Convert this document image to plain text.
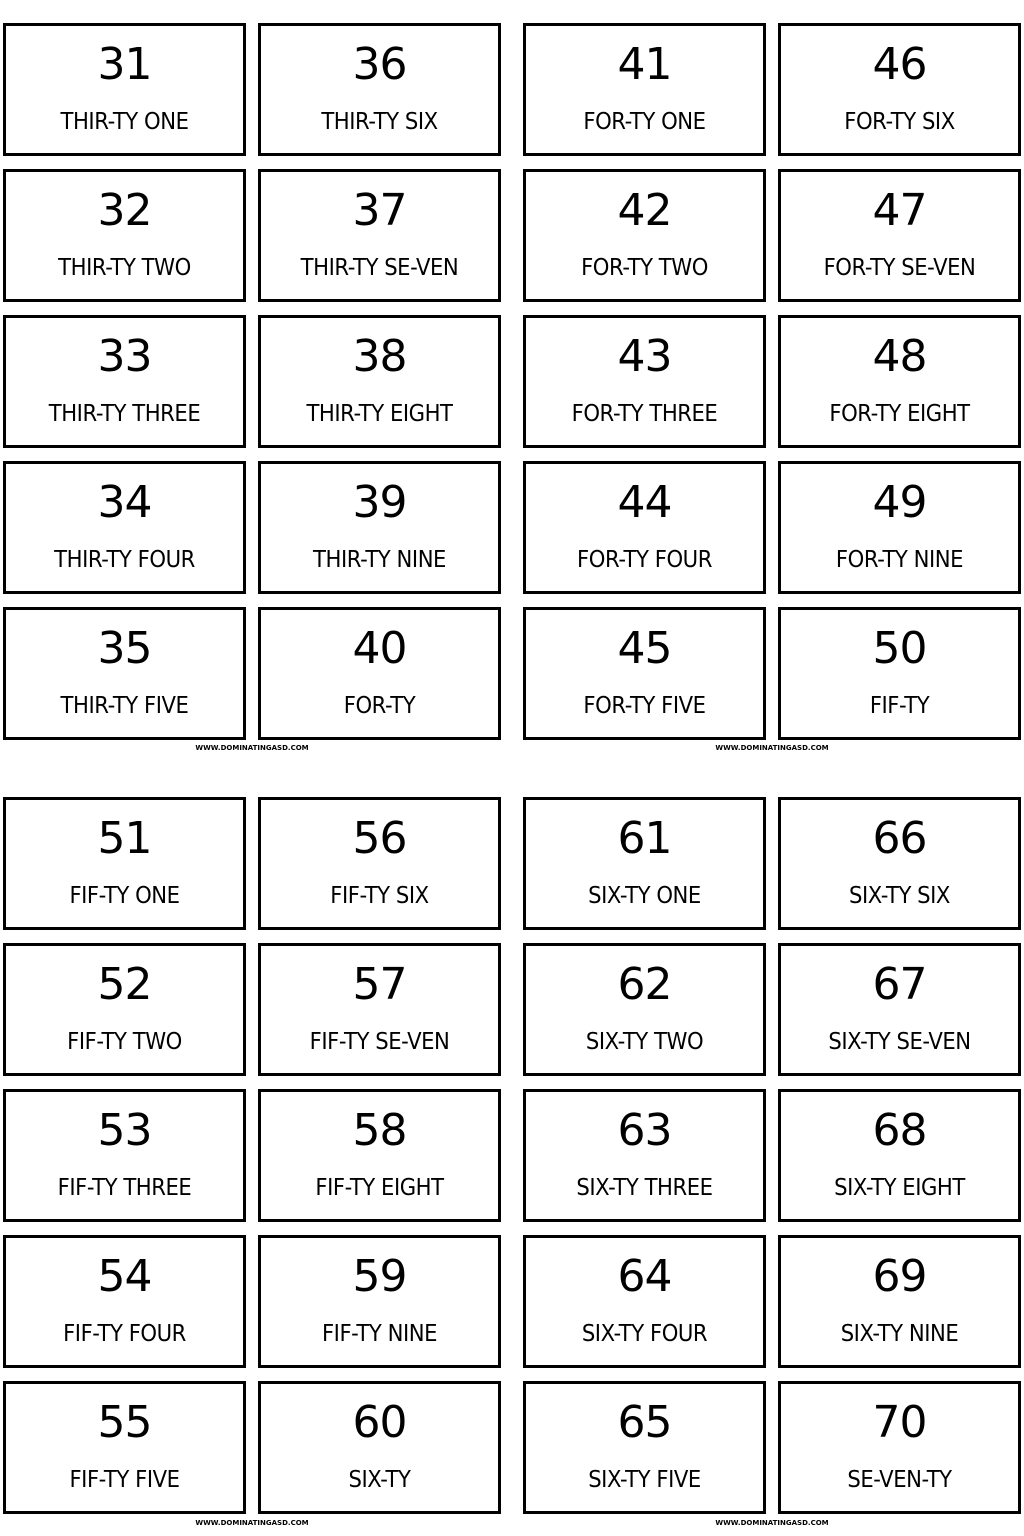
31
THIR-TY ONE
36
THIR-TY SIX
41
FOR-TY ONE
46
FOR-TY SIX
32
THIR-TY TWO
37
THIR-TY SE-VEN
42
FOR-TY TWO
47
FOR-TY SE-VEN
33
THIR-TY THREE
38
THIR-TY EIGHT
43
FOR-TY THREE
48
FOR-TY EIGHT
34
THIR-TY FOUR
39
THIR-TY NINE
44
FOR-TY FOUR
49
FOR-TY NINE
35
THIR-TY FIVE
40
FOR-TY
45
FOR-TY FIVE
50
FIF-TY
WWW.DOMINATINGASD.COM	WWW.DOMINATINGASD.COM
51
FIF-TY ONE
56
FIF-TY SIX
61
SIX-TY ONE
66
SIX-TY SIX
52
FIF-TY TWO
57
FIF-TY SE-VEN
62
SIX-TY TWO
67
SIX-TY SE-VEN
53
FIF-TY THREE
58
FIF-TY EIGHT
63
SIX-TY THREE
68
SIX-TY EIGHT
54
FIF-TY FOUR
59
FIF-TY NINE
64
SIX-TY FOUR
69
SIX-TY NINE
55
FIF-TY FIVE
60
SIX-TY
65
SIX-TY FIVE
70
SE-VEN-TY
WWW.DOMINATINGASD.COM	WWW.DOMINATINGASD.COM
